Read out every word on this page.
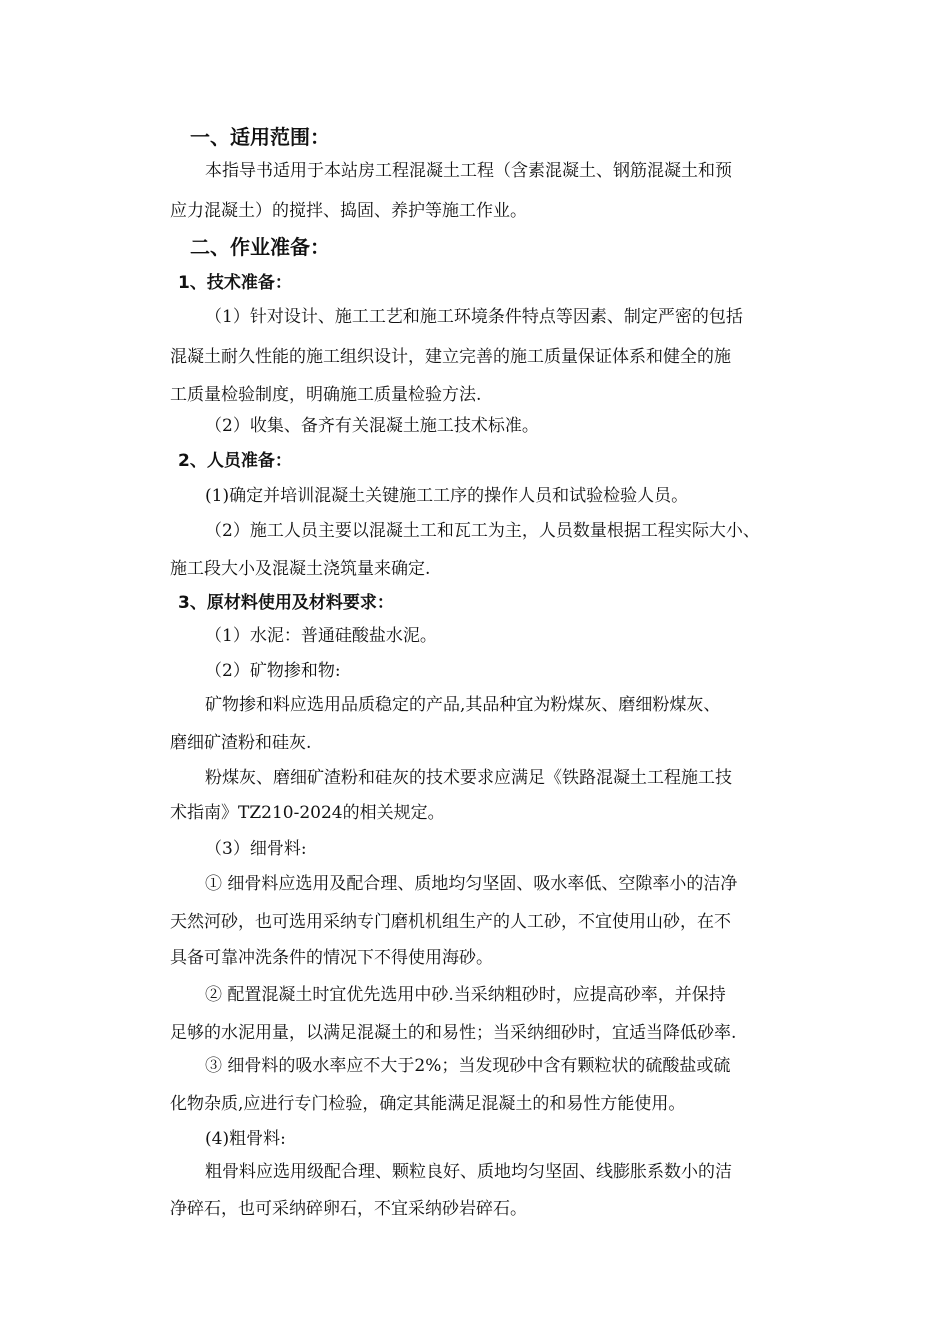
一、适用范围：
本指导书适用于本站房工程混凝土工程（含素混凝土、钢筋混凝土和预
应力混凝土）的搅拌、捣固、养护等施工作业。
二、作业准备：
1、技术准备：
（1）针对设计、施工工艺和施工环境条件特点等因素、制定严密的包括
混凝土耐久性能的施工组织设计，建立完善的施工质量保证体系和健全的施
工质量检验制度，明确施工质量检验方法.
（2）收集、备齐有关混凝土施工技术标准。
2、人员准备：
(1)确定并培训混凝土关键施工工序的操作人员和试验检验人员。
（2）施工人员主要以混凝土工和瓦工为主，人员数量根据工程实际大小、
施工段大小及混凝土浇筑量来确定.
3、原材料使用及材料要求：
（1）水泥：普通硅酸盐水泥。
（2）矿物掺和物:
矿物掺和料应选用品质稳定的产品,其品种宜为粉煤灰、磨细粉煤灰、
磨细矿渣粉和硅灰.
粉煤灰、磨细矿渣粉和硅灰的技术要求应满足《铁路混凝土工程施工技
术指南》TZ210-2024的相关规定。
（3）细骨料:
① 细骨料应选用及配合理、质地均匀坚固、吸水率低、空隙率小的洁净
天然河砂，也可选用采纳专门磨机机组生产的人工砂，不宜使用山砂，在不
具备可靠冲洗条件的情况下不得使用海砂。
② 配置混凝土时宜优先选用中砂.当采纳粗砂时，应提高砂率，并保持
足够的水泥用量，以满足混凝土的和易性；当采纳细砂时，宜适当降低砂率.
③ 细骨料的吸水率应不大于2%；当发现砂中含有颗粒状的硫酸盐或硫
化物杂质,应进行专门检验，确定其能满足混凝土的和易性方能使用。
(4)粗骨料:
粗骨料应选用级配合理、颗粒良好、质地均匀坚固、线膨胀系数小的洁
净碎石，也可采纳碎卵石，不宜采纳砂岩碎石。
